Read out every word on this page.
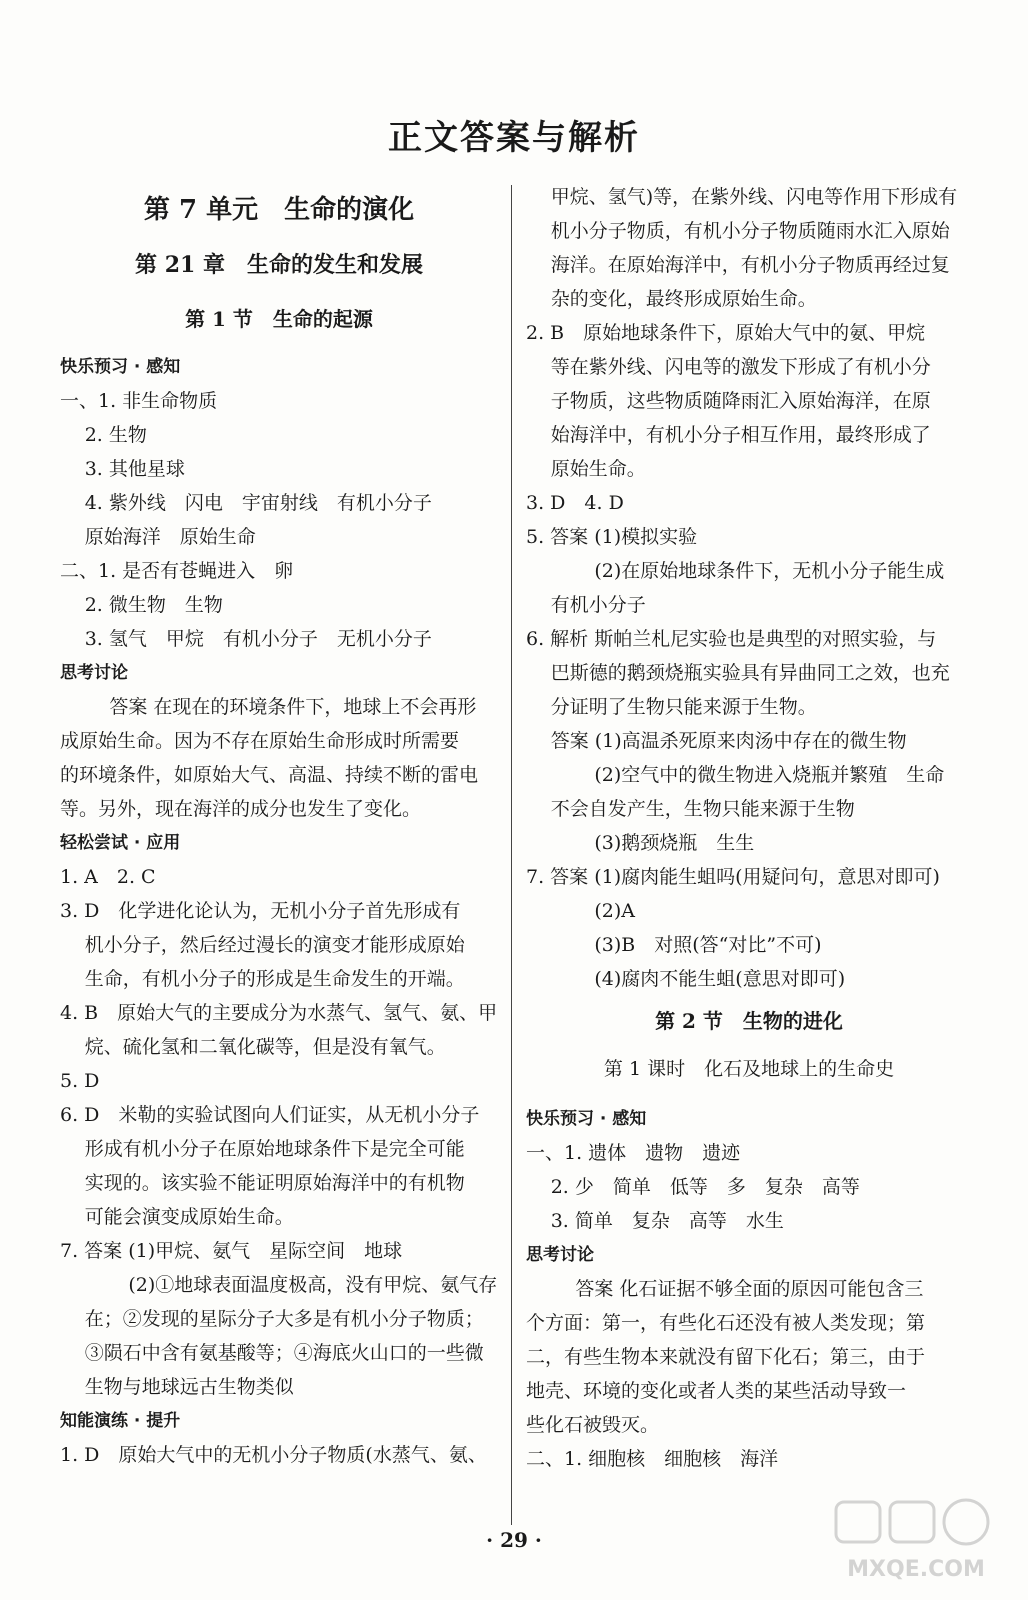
正文答案与解析
第 7 单元　生命的演化
第 21 章　生命的发生和发展
第 1 节　生命的起源
快乐预习 · 感知
一、1. 非生命物质
2. 生物
3. 其他星球
4. 紫外线　闪电　宇宙射线　有机小分子
原始海洋　原始生命
二、1. 是否有苍蝇进入　卵
2. 微生物　生物
3. 氢气　甲烷　有机小分子　无机小分子
思考讨论
答案 在现在的环境条件下，地球上不会再形
成原始生命。因为不存在原始生命形成时所需要
的环境条件，如原始大气、高温、持续不断的雷电
等。另外，现在海洋的成分也发生了变化。
轻松尝试 · 应用
1. A　2. C
3. D　化学进化论认为，无机小分子首先形成有
机小分子，然后经过漫长的演变才能形成原始
生命，有机小分子的形成是生命发生的开端。
4. B　原始大气的主要成分为水蒸气、氢气、氨、甲
烷、硫化氢和二氧化碳等，但是没有氧气。
5. D
6. D　米勒的实验试图向人们证实，从无机小分子
形成有机小分子在原始地球条件下是完全可能
实现的。该实验不能证明原始海洋中的有机物
可能会演变成原始生命。
7. 答案 (1)甲烷、氨气　星际空间　地球
(2)①地球表面温度极高，没有甲烷、氨气存
在；②发现的星际分子大多是有机小分子物质；
③陨石中含有氨基酸等；④海底火山口的一些微
生物与地球远古生物类似
知能演练 · 提升
1. D　原始大气中的无机小分子物质(水蒸气、氨、
甲烷、氢气)等，在紫外线、闪电等作用下形成有
机小分子物质，有机小分子物质随雨水汇入原始
海洋。在原始海洋中，有机小分子物质再经过复
杂的变化，最终形成原始生命。
2. B　原始地球条件下，原始大气中的氨、甲烷
等在紫外线、闪电等的激发下形成了有机小分
子物质，这些物质随降雨汇入原始海洋，在原
始海洋中，有机小分子相互作用，最终形成了
原始生命。
3. D　4. D
5. 答案 (1)模拟实验
(2)在原始地球条件下，无机小分子能生成
有机小分子
6. 解析 斯帕兰札尼实验也是典型的对照实验，与
巴斯德的鹅颈烧瓶实验具有异曲同工之效，也充
分证明了生物只能来源于生物。
答案 (1)高温杀死原来肉汤中存在的微生物
(2)空气中的微生物进入烧瓶并繁殖　生命
不会自发产生，生物只能来源于生物
(3)鹅颈烧瓶　生生
7. 答案 (1)腐肉能生蛆吗(用疑问句，意思对即可)
(2)A
(3)B　对照(答“对比”不可)
(4)腐肉不能生蛆(意思对即可)
第 2 节　生物的进化
第 1 课时　化石及地球上的生命史
快乐预习 · 感知
一、1. 遗体　遗物　遗迹
2. 少　简单　低等　多　复杂　高等
3. 简单　复杂　高等　水生
思考讨论
答案 化石证据不够全面的原因可能包含三
个方面：第一，有些化石还没有被人类发现；第
二，有些生物本来就没有留下化石；第三，由于
地壳、环境的变化或者人类的某些活动导致一
些化石被毁灭。
二、1. 细胞核　细胞核　海洋
· 29 ·
MXQE.COM
